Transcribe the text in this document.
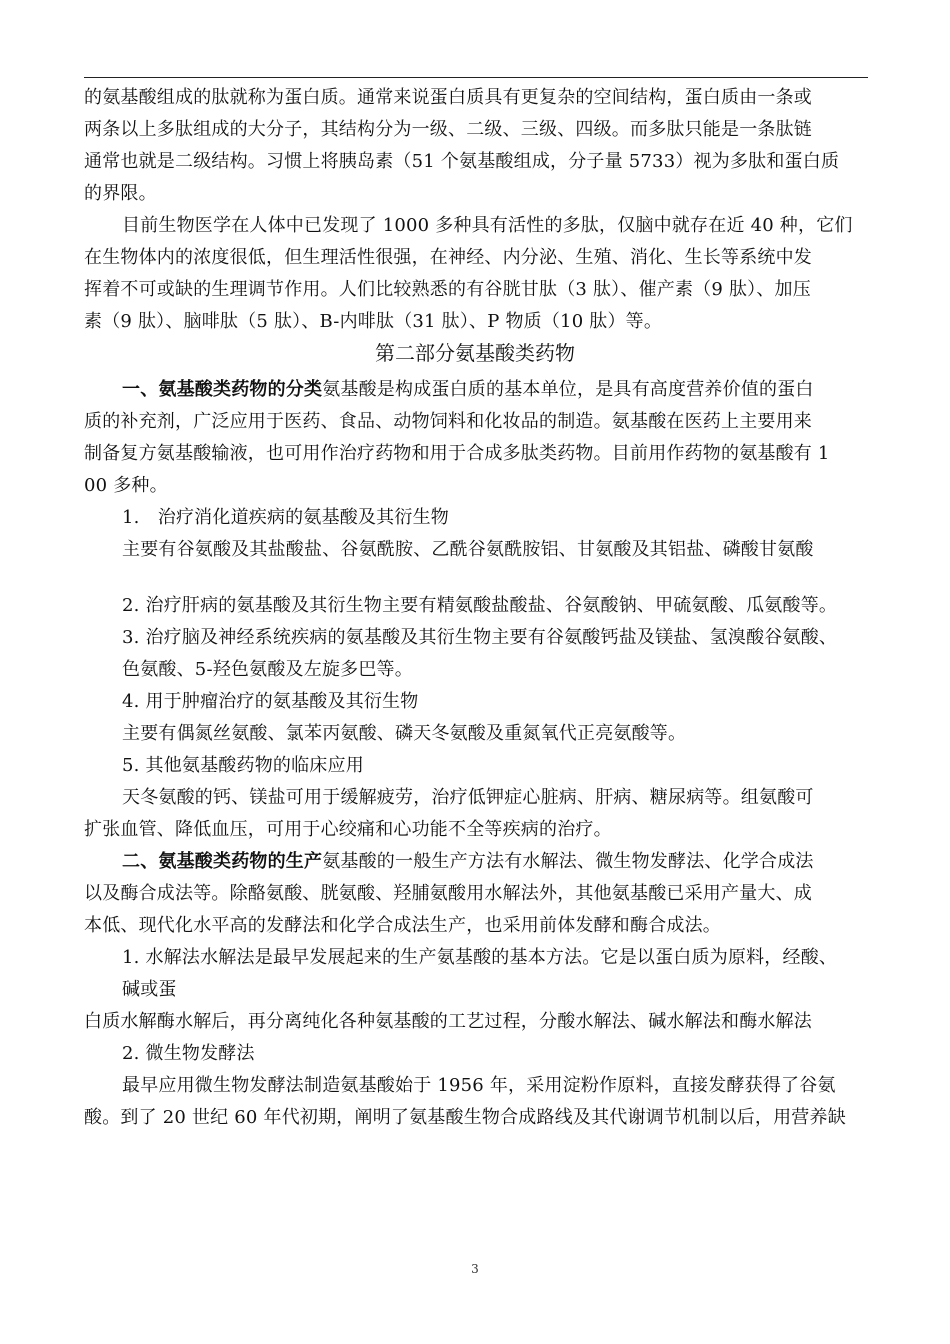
的氨基酸组成的肽就称为蛋白质。通常来说蛋白质具有更复杂的空间结构，蛋白质由一条或
两条以上多肽组成的大分子，其结构分为一级、二级、三级、四级。而多肽只能是一条肽链
通常也就是二级结构。习惯上将胰岛素（51 个氨基酸组成，分子量 5733）视为多肽和蛋白质
的界限。
目前生物医学在人体中已发现了 1000 多种具有活性的多肽，仅脑中就存在近 40 种，它们
在生物体内的浓度很低，但生理活性很强，在神经、内分泌、生殖、消化、生长等系统中发
挥着不可或缺的生理调节作用。人们比较熟悉的有谷胱甘肽（3 肽）、催产素（9 肽）、加压
素（9 肽）、脑啡肽（5 肽）、B-内啡肽（31 肽）、P 物质（10 肽）等。
第二部分氨基酸类药物
一、氨基酸类药物的分类氨基酸是构成蛋白质的基本单位，是具有高度营养价值的蛋白
质的补充剂，广泛应用于医药、食品、动物饲料和化妆品的制造。氨基酸在医药上主要用来
制备复方氨基酸输液，也可用作治疗药物和用于合成多肽类药物。目前用作药物的氨基酸有 1
00 多种。
1.　治疗消化道疾病的氨基酸及其衍生物
主要有谷氨酸及其盐酸盐、谷氨酰胺、乙酰谷氨酰胺铝、甘氨酸及其铝盐、磷酸甘氨酸
2. 治疗肝病的氨基酸及其衍生物主要有精氨酸盐酸盐、谷氨酸钠、甲硫氨酸、瓜氨酸等。
3. 治疗脑及神经系统疾病的氨基酸及其衍生物主要有谷氨酸钙盐及镁盐、氢溴酸谷氨酸、
色氨酸、5-羟色氨酸及左旋多巴等。
4. 用于肿瘤治疗的氨基酸及其衍生物
主要有偶氮丝氨酸、氯苯丙氨酸、磷天冬氨酸及重氮氧代正亮氨酸等。
5. 其他氨基酸药物的临床应用
天冬氨酸的钙、镁盐可用于缓解疲劳，治疗低钾症心脏病、肝病、糖尿病等。组氨酸可
扩张血管、降低血压，可用于心绞痛和心功能不全等疾病的治疗。
二、氨基酸类药物的生产氨基酸的一般生产方法有水解法、微生物发酵法、化学合成法
以及酶合成法等。除酪氨酸、胱氨酸、羟脯氨酸用水解法外，其他氨基酸已采用产量大、成
本低、现代化水平高的发酵法和化学合成法生产，也采用前体发酵和酶合成法。
1. 水解法水解法是最早发展起来的生产氨基酸的基本方法。它是以蛋白质为原料，经酸、
碱或蛋
白质水解酶水解后，再分离纯化各种氨基酸的工艺过程，分酸水解法、碱水解法和酶水解法
2. 微生物发酵法
最早应用微生物发酵法制造氨基酸始于 1956 年，采用淀粉作原料，直接发酵获得了谷氨
酸。到了 20 世纪 60 年代初期，阐明了氨基酸生物合成路线及其代谢调节机制以后，用营养缺
3
